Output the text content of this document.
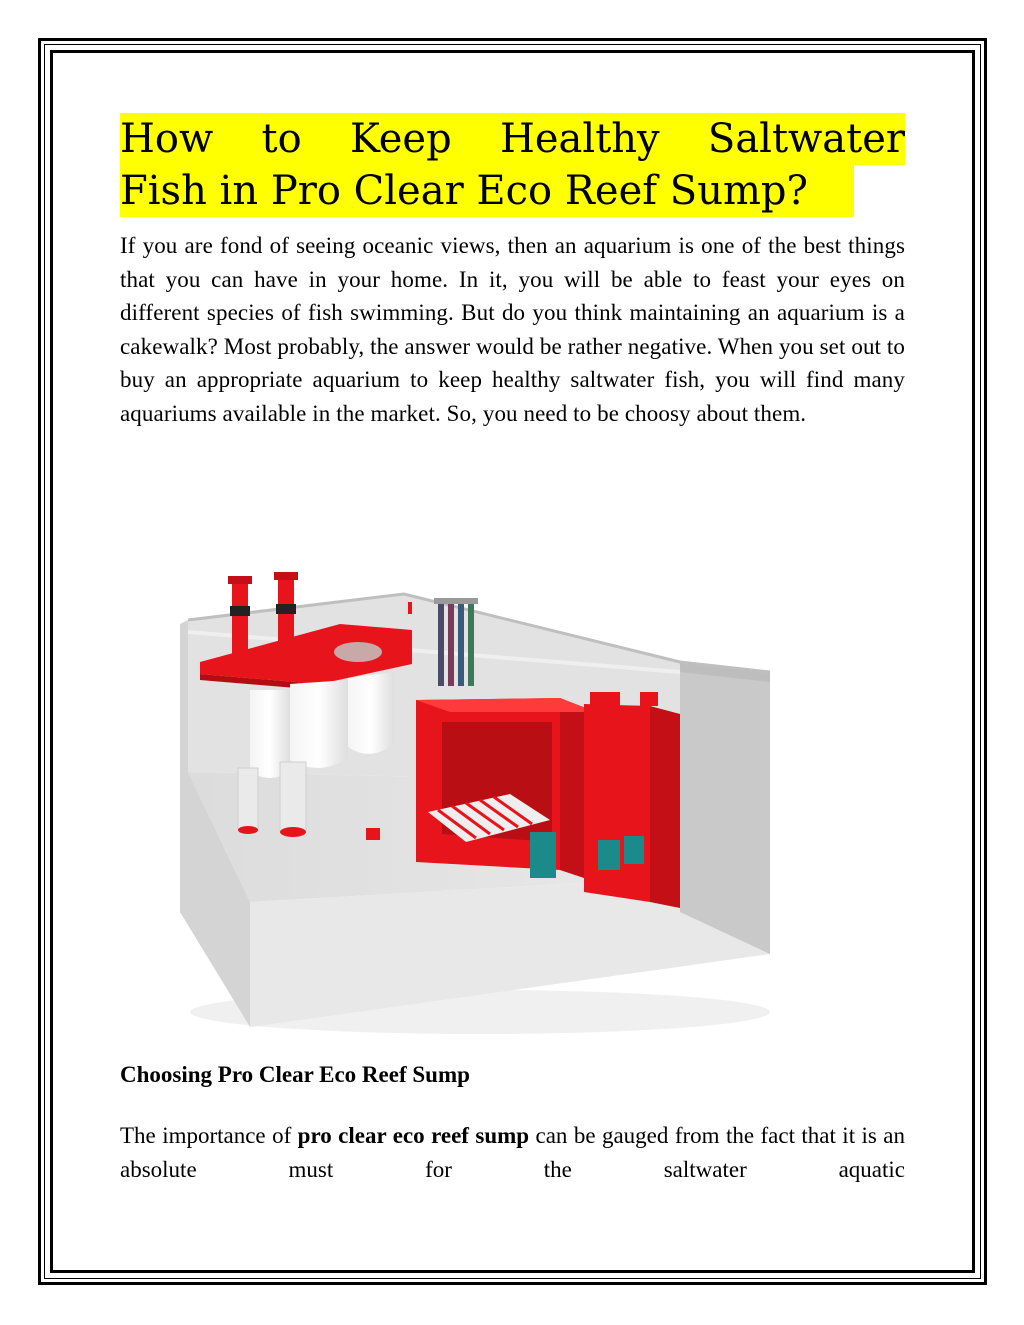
How to Keep Healthy Saltwater
Fish in Pro Clear Eco Reef Sump?

If you are fond of seeing oceanic views, then an aquarium is one of the best things that you can have in your home. In it, you will be able to feast your eyes on different species of fish swimming. But do you think maintaining an aquarium is a cakewalk? Most probably, the answer would be rather negative. When you set out to buy an appropriate aquarium to keep healthy saltwater fish, you will find many aquariums available in the market. So, you need to be choosy about them.

Choosing Pro Clear Eco Reef Sump

The importance of pro clear eco reef sump can be gauged from the fact that it is an absolute must for the saltwater aquatic
